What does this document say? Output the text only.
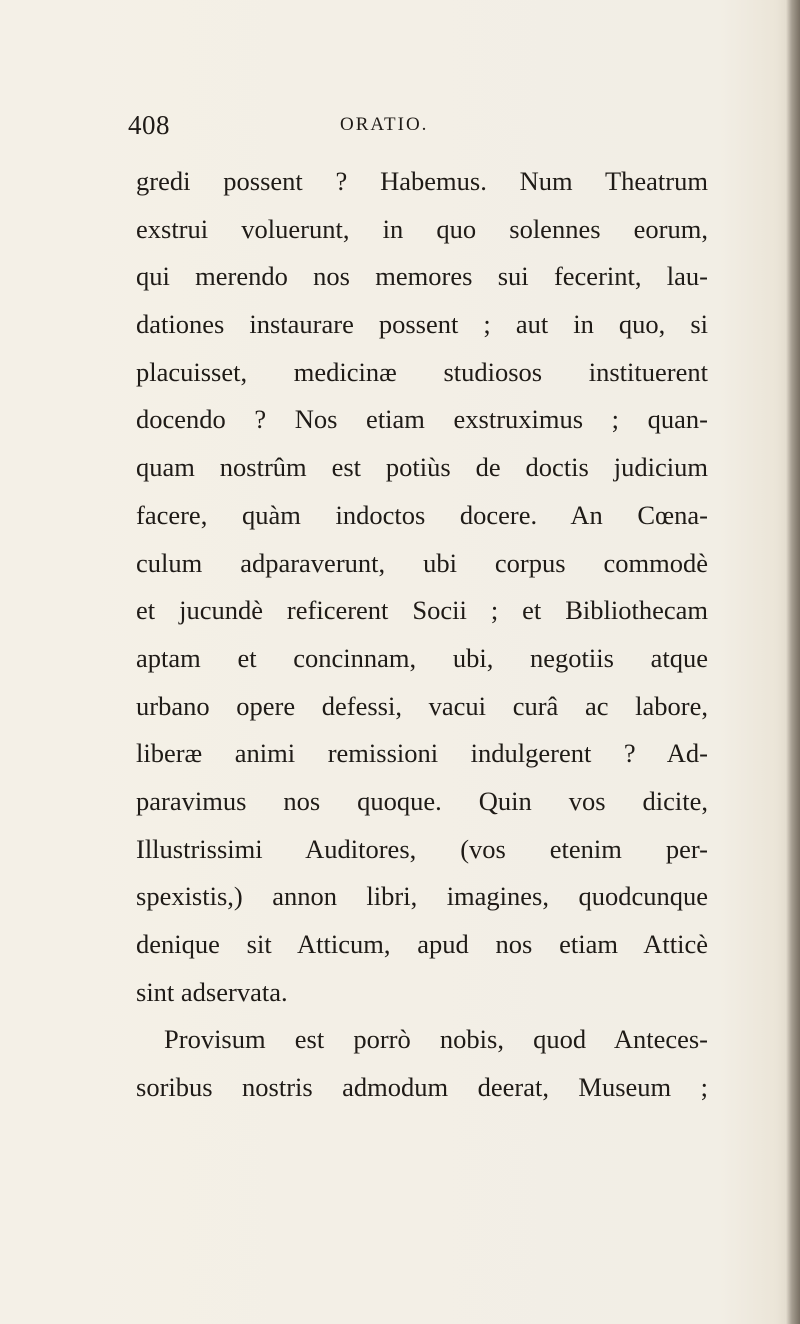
408	ORATIO.
gredi possent ? Habemus. Num Theatrum
exstrui voluerunt, in quo solennes eorum,
qui merendo nos memores sui fecerint, lau-
dationes instaurare possent ; aut in quo, si
placuisset, medicinæ studiosos instituerent
docendo ? Nos etiam exstruximus ; quan-
quam nostrûm est potiùs de doctis judicium
facere, quàm indoctos docere. An Cœna-
culum adparaverunt, ubi corpus commodè
et jucundè reficerent Socii ; et Bibliothecam
aptam et concinnam, ubi, negotiis atque
urbano opere defessi, vacui curâ ac labore,
liberæ animi remissioni indulgerent ? Ad-
paravimus nos quoque. Quin vos dicite,
Illustrissimi Auditores, (vos etenim per-
spexistis,) annon libri, imagines, quodcunque
denique sit Atticum, apud nos etiam Atticè
sint adservata.
Provisum est porrò nobis, quod Anteces-
soribus nostris admodum deerat, Museum ;
